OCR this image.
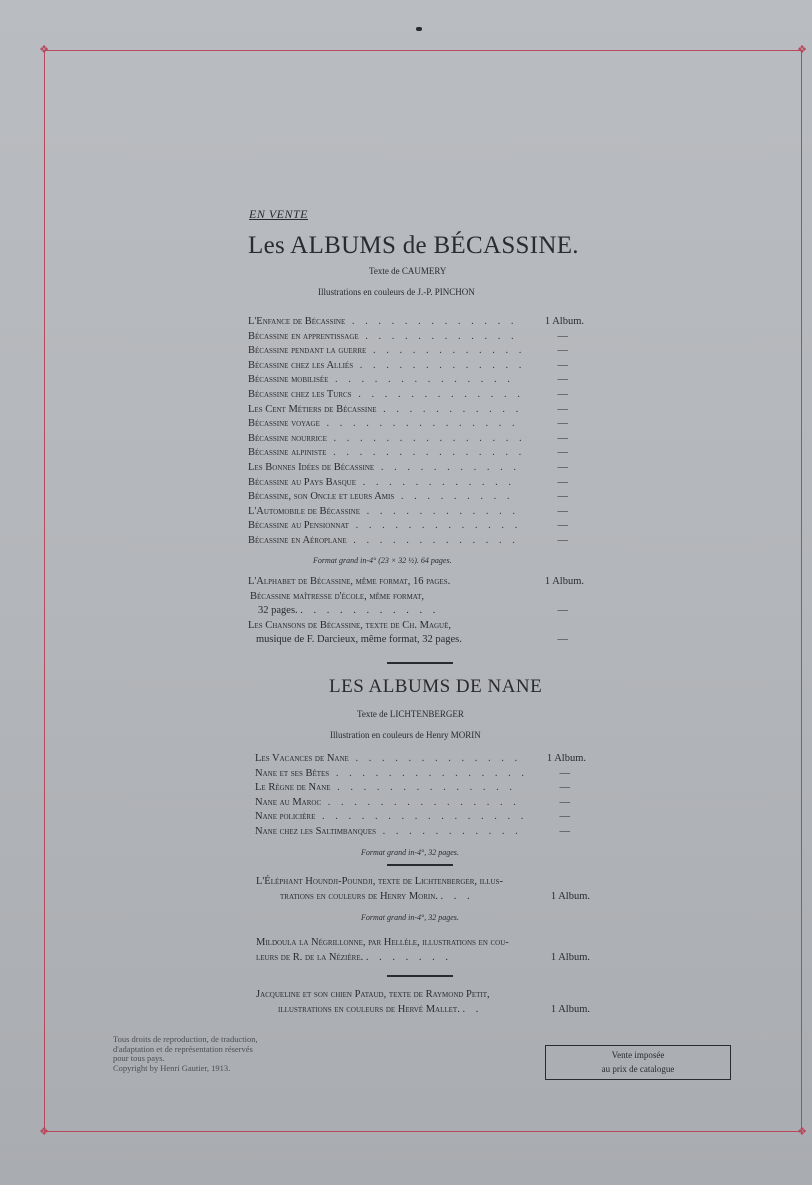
❖	❖
❖	❖
EN VENTE
Les ALBUMS de BÉCASSINE.
Texte de CAUMERY
Illustrations en couleurs de J.-P. PINCHON
L'Enfance de Bécassine . . . . . . . . . . . . .	1 Album.
Bécassine en apprentissage . . . . . . . . . . . .	—
Bécassine pendant la guerre . . . . . . . . . . . .	—
Bécassine chez les Alliés . . . . . . . . . . . . .	—
Bécassine mobilisée . . . . . . . . . . . . . .	—
Bécassine chez les Turcs . . . . . . . . . . . . .	—
Les Cent Métiers de Bécassine . . . . . . . . . . .	—
Bécassine voyage . . . . . . . . . . . . . . .	—
Bécassine nourrice . . . . . . . . . . . . . . .	—
Bécassine alpiniste . . . . . . . . . . . . . . .	—
Les Bonnes Idées de Bécassine . . . . . . . . . . .	—
Bécassine au Pays Basque . . . . . . . . . . . .	—
Bécassine, son Oncle et leurs Amis . . . . . . . . .	—
L'Automobile de Bécassine . . . . . . . . . . . .	—
Bécassine au Pensionnat . . . . . . . . . . . . .	—
Bécassine en Aéroplane . . . . . . . . . . . . .	—
Format grand in-4° (23 × 32 ½). 64 pages.
L'Alphabet de Bécassine, même format, 16 pages.	1 Album.
Bécassine maîtresse d'école, même format,
32 pages. . . . . . . . . . . .	—
Les Chansons de Bécassine, texte de Ch. Maguë,
musique de F. Darcieux, même format, 32 pages.	—
LES ALBUMS DE NANE
Texte de LICHTENBERGER
Illustration en couleurs de Henry MORIN
Les Vacances de Nane . . . . . . . . . . . . . 1 Album.
Nane et ses Bêtes . . . . . . . . . . . . . . .	—
Le Règne de Nane . . . . . . . . . . . . . .	—
Nane au Maroc . . . . . . . . . . . . . . .	—
Nane policière . . . . . . . . . . . . . . . .	—
Nane chez les Saltimbanques . . . . . . . . . . .	—
Format grand in-4°, 32 pages.
L'Éléphant Houndji-Poundji, texte de Lichtenberger, illus-
trations en couleurs de Henry Morin. . . .	1 Album.
Format grand in-4°, 32 pages.
Mildoula la Négrillonne, par Hellèle, illustrations en cou-
leurs de R. de la Nézière. . . . . . . .	1 Album.
Jacqueline et son chien Pataud, texte de Raymond Petit,
illustrations en couleurs de Hervé Mallet. . .	1 Album.
Tous droits de reproduction, de traduction,
d'adaptation et de représentation réservés
pour tous pays.
Copyright by Henri Gautier, 1913.
Vente imposée
au prix de catalogue
